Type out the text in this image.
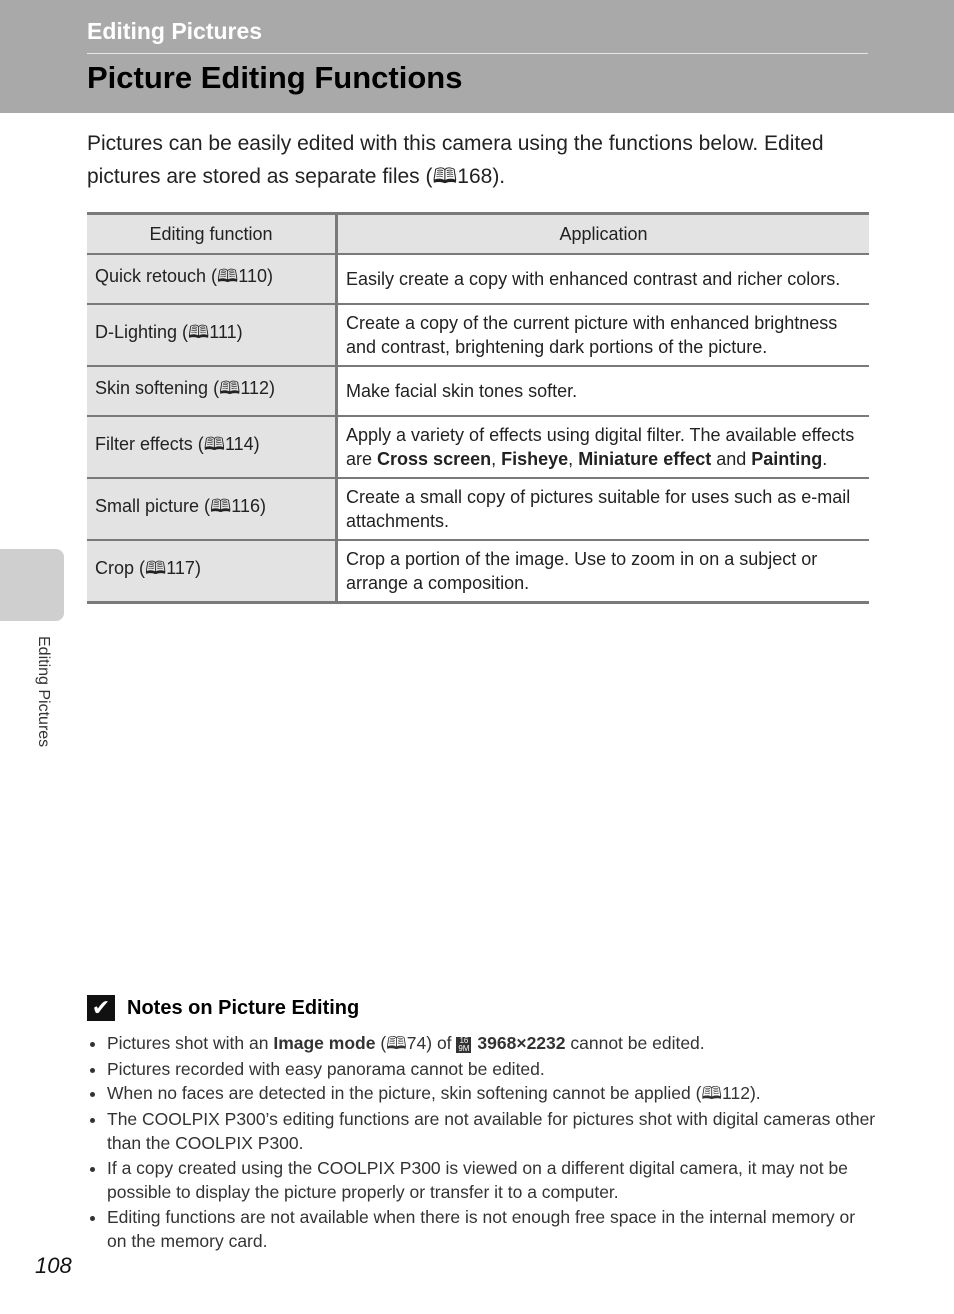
Editing Pictures
Picture Editing Functions
Pictures can be easily edited with this camera using the functions below. Edited pictures are stored as separate files (🕮168).
Editing function	Application
Quick retouch (🕮110)	Easily create a copy with enhanced contrast and richer colors.
D-Lighting (🕮111)	Create a copy of the current picture with enhanced brightness and contrast, brightening dark portions of the picture.
Skin softening (🕮112)	Make facial skin tones softer.
Filter effects (🕮114)	Apply a variety of effects using digital filter. The available effects are Cross screen, Fisheye, Miniature effect and Painting.
Small picture (🕮116)	Create a small copy of pictures suitable for uses such as e-mail attachments.
Crop (🕮117)	Crop a portion of the image. Use to zoom in on a subject or arrange a composition.
Editing Pictures
✔ Notes on Picture Editing
• Pictures shot with an Image mode (🕮74) of 16
9M 3968×2232 cannot be edited.
• Pictures recorded with easy panorama cannot be edited.
• When no faces are detected in the picture, skin softening cannot be applied (🕮112).
• The COOLPIX P300’s editing functions are not available for pictures shot with digital cameras other than the COOLPIX P300.
• If a copy created using the COOLPIX P300 is viewed on a different digital camera, it may not be possible to display the picture properly or transfer it to a computer.
• Editing functions are not available when there is not enough free space in the internal memory or on the memory card.
108
